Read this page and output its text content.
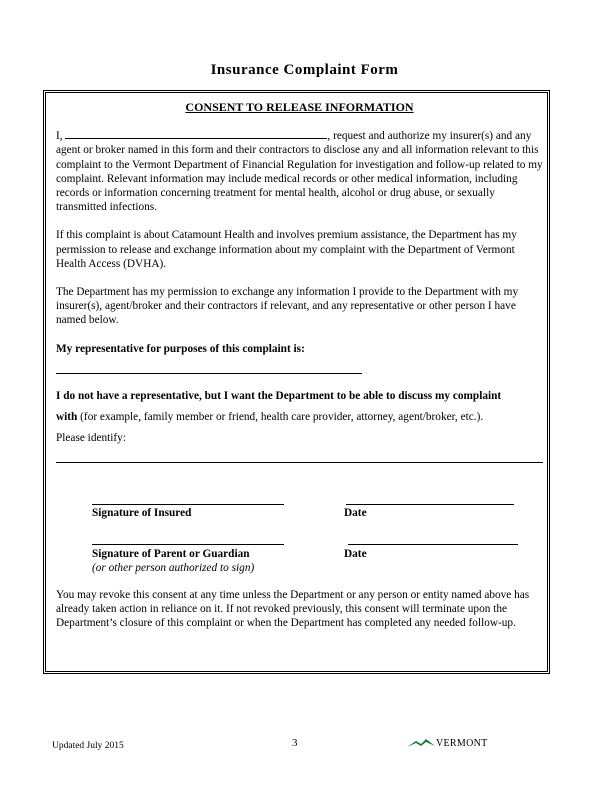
Insurance Complaint Form
CONSENT TO RELEASE INFORMATION

I,	, request and authorize my insurer(s) and any agent or broker named in this form and their contractors to disclose any and all information relevant to this complaint to the Vermont Department of Financial Regulation for investigation and follow-up related to my complaint. Relevant information may include medical records or other medical information, including records or information concerning treatment for mental health, alcohol or drug abuse, or sexually transmitted infections.

If this complaint is about Catamount Health and involves premium assistance, the Department has my permission to release and exchange information about my complaint with the Department of Vermont Health Access (DVHA).

The Department has my permission to exchange any information I provide to the Department with my insurer(s), agent/broker and their contractors if relevant, and any representative or other person I have named below.

My representative for purposes of this complaint is:

I do not have a representative, but I want the Department to be able to discuss my complaint
with (for example, family member or friend, health care provider, attorney, agent/broker, etc.).
Please identify:
Signature of Insured	Date
Signature of Parent or Guardian	Date
(or other person authorized to sign)

You may revoke this consent at any time unless the Department or any person or entity named above has already taken action in reliance on it. If not revoked previously, this consent will terminate upon the Department’s closure of this complaint or when the Department has completed any needed follow-up.

Updated July 2015	3	VERMONT
